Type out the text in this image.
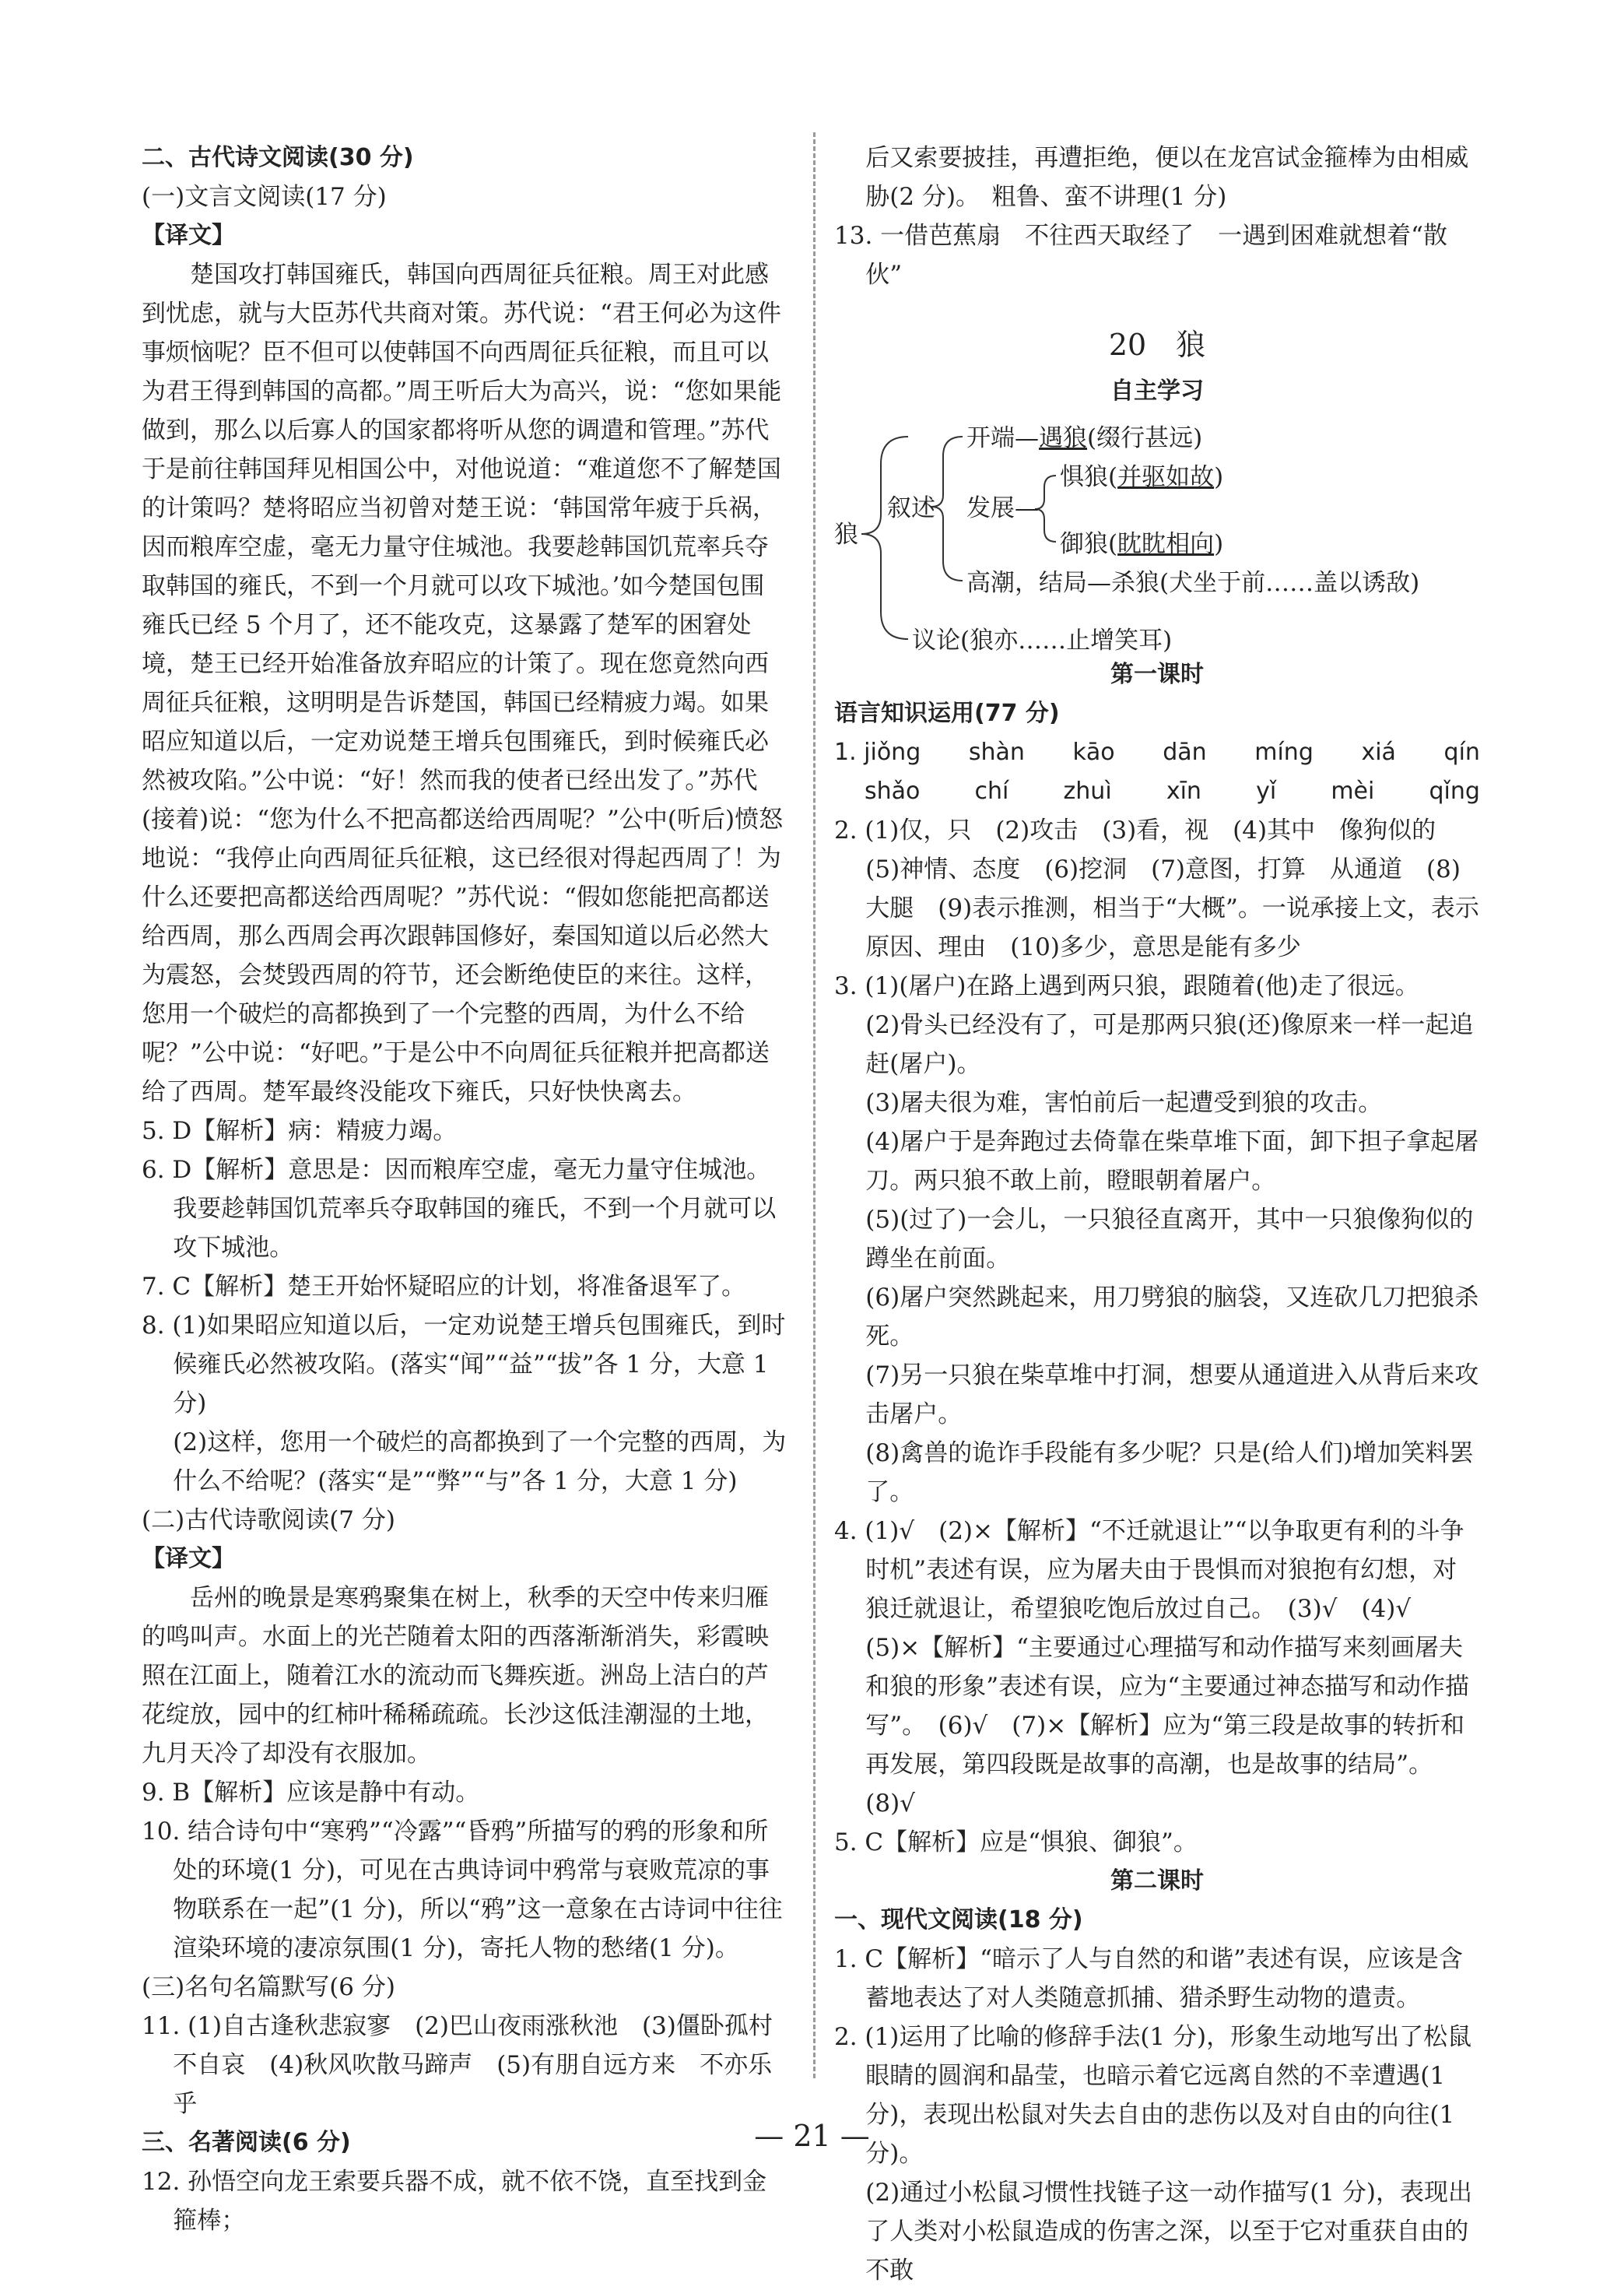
二、古代诗文阅读(30 分)

(一)文言文阅读(17 分)

【译文】

楚国攻打韩国雍氏，韩国向西周征兵征粮。周王对此感到忧虑，就与大臣苏代共商对策。苏代说：“君王何必为这件事烦恼呢？臣不但可以使韩国不向西周征兵征粮，而且可以为君王得到韩国的高都。”周王听后大为高兴，说：“您如果能做到，那么以后寡人的国家都将听从您的调遣和管理。”苏代于是前往韩国拜见相国公中，对他说道：“难道您不了解楚国的计策吗？楚将昭应当初曾对楚王说：‘韩国常年疲于兵祸，因而粮库空虚，毫无力量守住城池。我要趁韩国饥荒率兵夺取韩国的雍氏，不到一个月就可以攻下城池。’如今楚国包围雍氏已经 5 个月了，还不能攻克，这暴露了楚军的困窘处境，楚王已经开始准备放弃昭应的计策了。现在您竟然向西周征兵征粮，这明明是告诉楚国，韩国已经精疲力竭。如果昭应知道以后，一定劝说楚王增兵包围雍氏，到时候雍氏必然被攻陷。”公中说：“好！然而我的使者已经出发了。”苏代(接着)说：“您为什么不把高都送给西周呢？”公中(听后)愤怒地说：“我停止向西周征兵征粮，这已经很对得起西周了！为什么还要把高都送给西周呢？”苏代说：“假如您能把高都送给西周，那么西周会再次跟韩国修好，秦国知道以后必然大为震怒，会焚毁西周的符节，还会断绝使臣的来往。这样，您用一个破烂的高都换到了一个完整的西周，为什么不给呢？”公中说：“好吧。”于是公中不向周征兵征粮并把高都送给了西周。楚军最终没能攻下雍氏，只好快快离去。

5. D【解析】病：精疲力竭。

6. D【解析】意思是：因而粮库空虚，毫无力量守住城池。我要趁韩国饥荒率兵夺取韩国的雍氏，不到一个月就可以攻下城池。

7. C【解析】楚王开始怀疑昭应的计划，将准备退军了。

8. (1)如果昭应知道以后，一定劝说楚王增兵包围雍氏，到时候雍氏必然被攻陷。(落实“闻”“益”“拔”各 1 分，大意 1 分)

(2)这样，您用一个破烂的高都换到了一个完整的西周，为什么不给呢？(落实“是”“弊”“与”各 1 分，大意 1 分)

(二)古代诗歌阅读(7 分)

【译文】

岳州的晚景是寒鸦聚集在树上，秋季的天空中传来归雁的鸣叫声。水面上的光芒随着太阳的西落渐渐消失，彩霞映照在江面上，随着江水的流动而飞舞疾逝。洲岛上洁白的芦花绽放，园中的红柿叶稀稀疏疏。长沙这低洼潮湿的土地，九月天冷了却没有衣服加。

9. B【解析】应该是静中有动。

10. 结合诗句中“寒鸦”“冷露”“昏鸦”所描写的鸦的形象和所处的环境(1 分)，可见在古典诗词中鸦常与衰败荒凉的事物联系在一起”(1 分)，所以“鸦”这一意象在古诗词中往往渲染环境的凄凉氛围(1 分)，寄托人物的愁绪(1 分)。

(三)名句名篇默写(6 分)

11. (1)自古逢秋悲寂寥　(2)巴山夜雨涨秋池　(3)僵卧孤村不自哀　(4)秋风吹散马蹄声　(5)有朋自远方来　不亦乐乎

三、名著阅读(6 分)

12. 孙悟空向龙王索要兵器不成，就不依不饶，直至找到金箍棒；

后又索要披挂，再遭拒绝，便以在龙宫试金箍棒为由相威胁(2 分)。　粗鲁、蛮不讲理(1 分)

13. 一借芭蕉扇　不往西天取经了　一遇到困难就想着“散伙”

20　狼

自主学习

狼
叙述
开端—遇狼(缀行甚远)
发展—
惧狼(并驱如故)
御狼(眈眈相向)
高潮，结局—杀狼(犬坐于前……盖以诱敌)
议论(狼亦……止增笑耳)

第一课时

语言知识运用(77 分)

1. jiǒng shàn kāo dān míng xiá qín
shǎo chí zhuì xīn yǐ mèi qǐng

2. (1)仅，只　(2)攻击　(3)看，视　(4)其中　像狗似的　(5)神情、态度　(6)挖洞　(7)意图，打算　从通道　(8)大腿　(9)表示推测，相当于“大概”。一说承接上文，表示原因、理由　(10)多少，意思是能有多少

3. (1)(屠户)在路上遇到两只狼，跟随着(他)走了很远。

(2)骨头已经没有了，可是那两只狼(还)像原来一样一起追赶(屠户)。

(3)屠夫很为难，害怕前后一起遭受到狼的攻击。

(4)屠户于是奔跑过去倚靠在柴草堆下面，卸下担子拿起屠刀。两只狼不敢上前，瞪眼朝着屠户。

(5)(过了)一会儿，一只狼径直离开，其中一只狼像狗似的蹲坐在前面。

(6)屠户突然跳起来，用刀劈狼的脑袋，又连砍几刀把狼杀死。

(7)另一只狼在柴草堆中打洞，想要从通道进入从背后来攻击屠户。

(8)禽兽的诡诈手段能有多少呢？只是(给人们)增加笑料罢了。

4. (1)√　(2)×【解析】“不迁就退让”“以争取更有利的斗争时机”表述有误，应为屠夫由于畏惧而对狼抱有幻想，对狼迁就退让，希望狼吃饱后放过自己。　(3)√　(4)√　(5)×【解析】“主要通过心理描写和动作描写来刻画屠夫和狼的形象”表述有误，应为“主要通过神态描写和动作描写”。　(6)√　(7)×【解析】应为“第三段是故事的转折和再发展，第四段既是故事的高潮，也是故事的结局”。　(8)√

5. C【解析】应是“惧狼、御狼”。

第二课时

一、现代文阅读(18 分)

1. C【解析】“暗示了人与自然的和谐”表述有误，应该是含蓄地表达了对人类随意抓捕、猎杀野生动物的遣责。

2. (1)运用了比喻的修辞手法(1 分)，形象生动地写出了松鼠眼睛的圆润和晶莹，也暗示着它远离自然的不幸遭遇(1 分)，表现出松鼠对失去自由的悲伤以及对自由的向往(1 分)。

(2)通过小松鼠习惯性找链子这一动作描写(1 分)，表现出了人类对小松鼠造成的伤害之深，以至于它对重获自由的不敢

— 21 —
